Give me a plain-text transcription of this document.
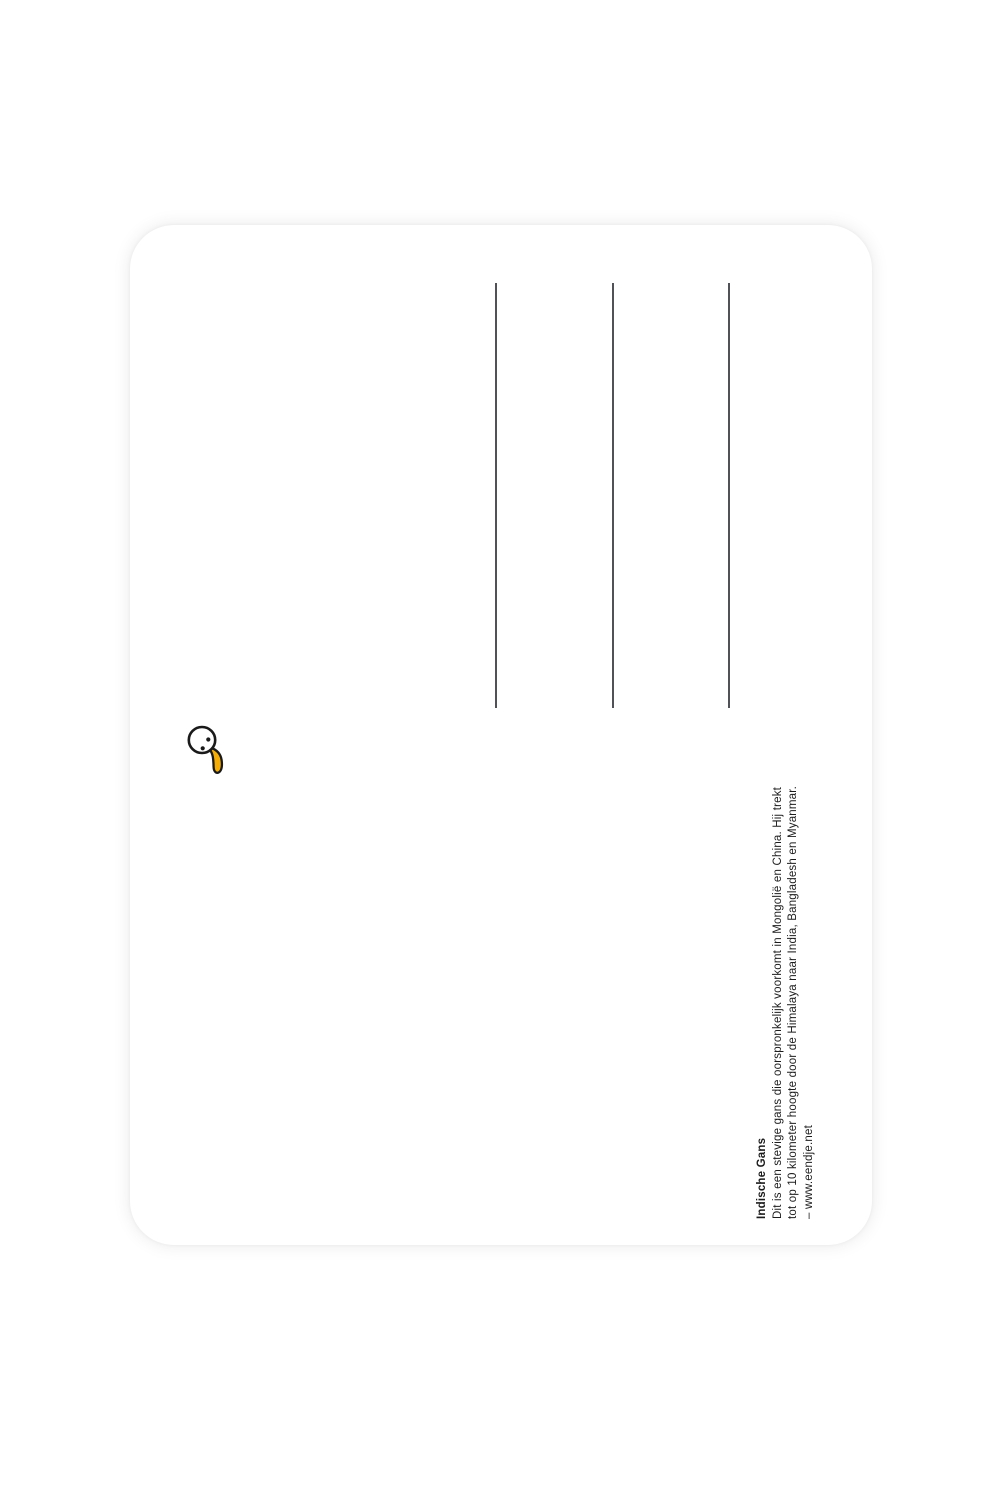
Indische Gans Dit is een stevige gans die oorspronkelijk voorkomt in Mongolië en China. Hij trekt tot op 10 kilometer hoogte door de Himalaya naar India, Bangladesh en Myanmar. – www.eendje.net
